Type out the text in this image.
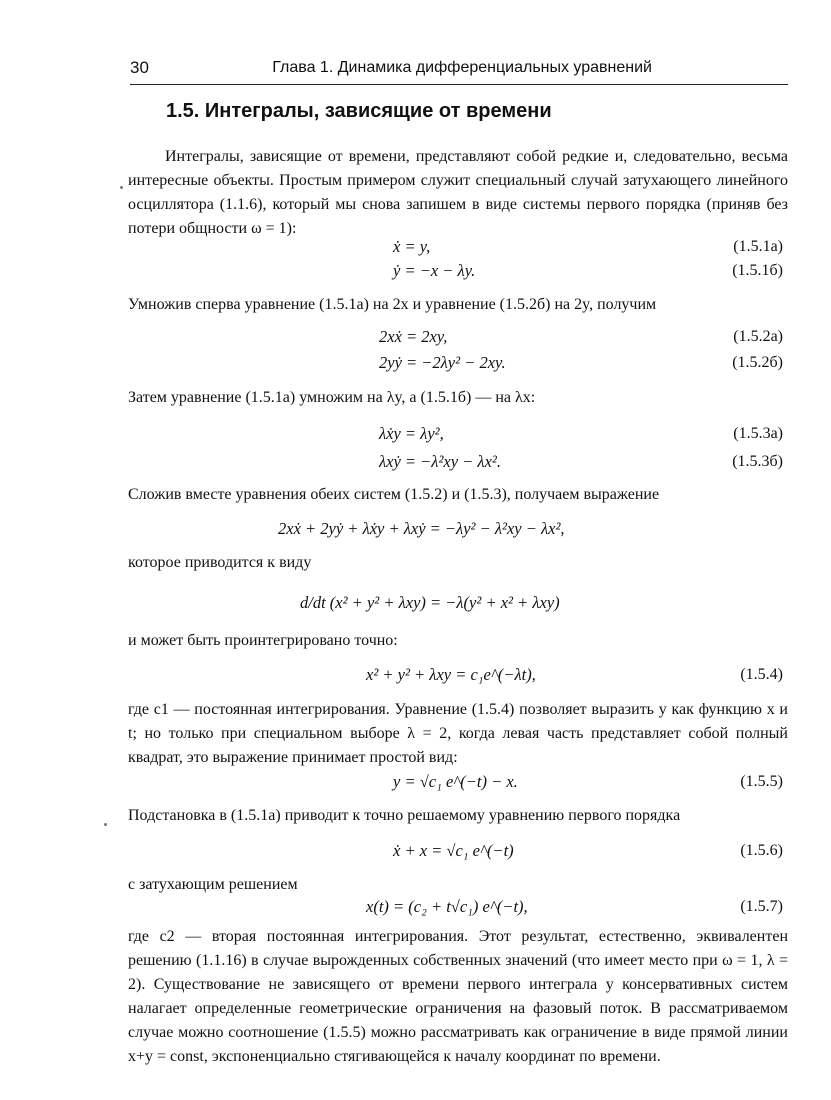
30	Глава 1. Динамика дифференциальных уравнений
1.5. Интегралы, зависящие от времени
Интегралы, зависящие от времени, представляют собой редкие и, следовательно, весьма интересные объекты. Простым примером служит специальный случай затухающего линейного осциллятора (1.1.6), который мы снова запишем в виде системы первого порядка (приняв без потери общности ω = 1):
ẋ = y,	(1.5.1а)
ẏ = −x − λy.	(1.5.1б)
Умножив сперва уравнение (1.5.1а) на 2x и уравнение (1.5.2б) на 2y, получим
2xẋ = 2xy,	(1.5.2а)
2yẏ = −2λy² − 2xy.	(1.5.2б)
Затем уравнение (1.5.1а) умножим на λy, а (1.5.1б) — на λx:
λẋy = λy²,	(1.5.3а)
λxẏ = −λ²xy − λx².	(1.5.3б)
Сложив вместе уравнения обеих систем (1.5.2) и (1.5.3), получаем выражение
2xẋ + 2yẏ + λẋy + λxẏ = −λy² − λ²xy − λx²,
которое приводится к виду
d/dt (x² + y² + λxy) = −λ(y² + x² + λxy)
и может быть проинтегрировано точно:
x² + y² + λxy = c₁e^(−λt),	(1.5.4)
где c1 — постоянная интегрирования. Уравнение (1.5.4) позволяет выразить y как функцию x и t; но только при специальном выборе λ = 2, когда левая часть представляет собой полный квадрат, это выражение принимает простой вид:
y = √c₁ e^(−t) − x.	(1.5.5)
Подстановка в (1.5.1а) приводит к точно решаемому уравнению первого порядка
ẋ + x = √c₁ e^(−t)	(1.5.6)
с затухающим решением
x(t) = (c₂ + t√c₁) e^(−t),	(1.5.7)
где c2 — вторая постоянная интегрирования. Этот результат, естественно, эквивалентен решению (1.1.16) в случае вырожденных собственных значений (что имеет место при ω = 1, λ = 2). Существование не зависящего от времени первого интеграла у консервативных систем налагает определенные геометрические ограничения на фазовый поток. В рассматриваемом случае можно соотношение (1.5.5) можно рассматривать как ограничение в виде прямой линии x+y = const, экспоненциально стягивающейся к началу координат по времени.
